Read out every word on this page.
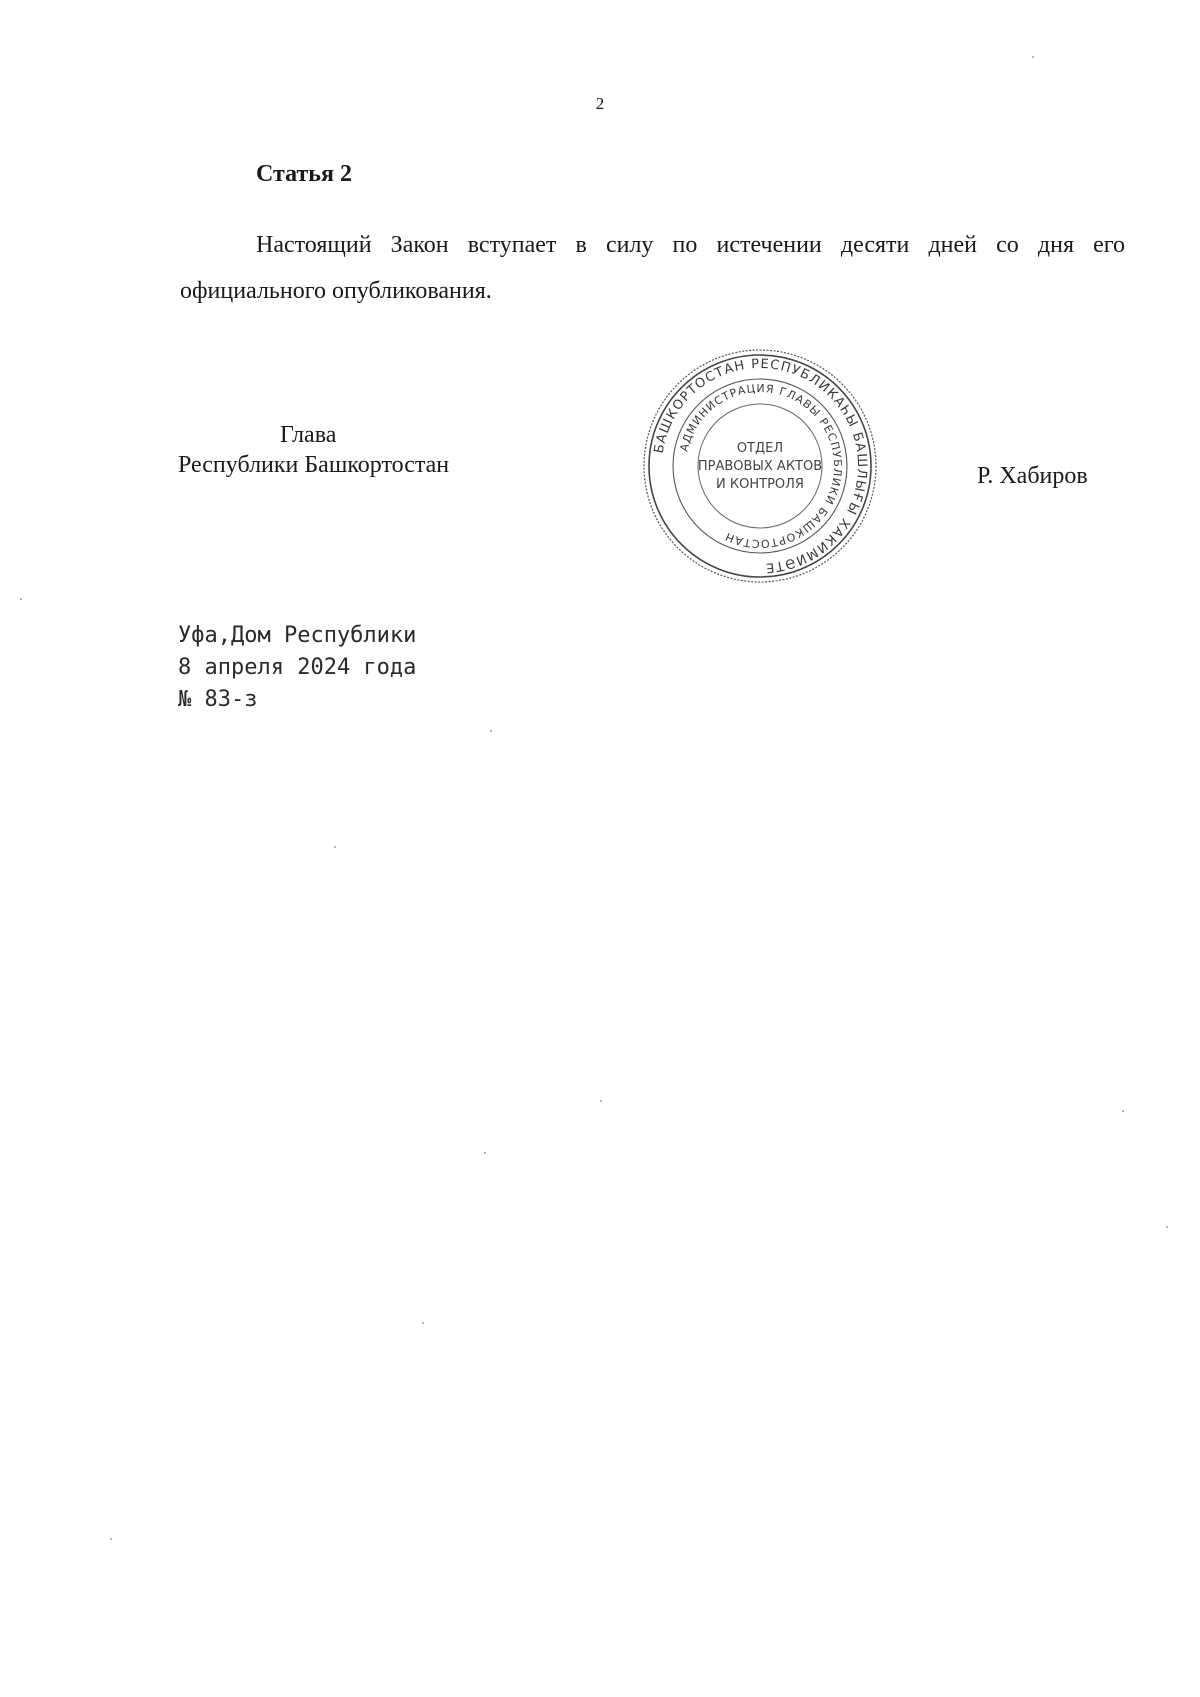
2
Статья 2
Настоящий Закон вступает в силу по истечении десяти дней со дня его официального опубликования.
Глава
Республики Башкортостан
БАШКОРТОСТАН РЕСПУБЛИКАҺЫ БАШЛЫҒЫ ХАКИМИӘТЕ
АДМИНИСТРАЦИЯ ГЛАВЫ РЕСПУБЛИКИ БАШКОРТОСТАН
ОТДЕЛ
ПРАВОВЫХ АКТОВ
И КОНТРОЛЯ	Р. Хабиров
Уфа,Дом Республики
8 апреля 2024 года
№ 83-з
